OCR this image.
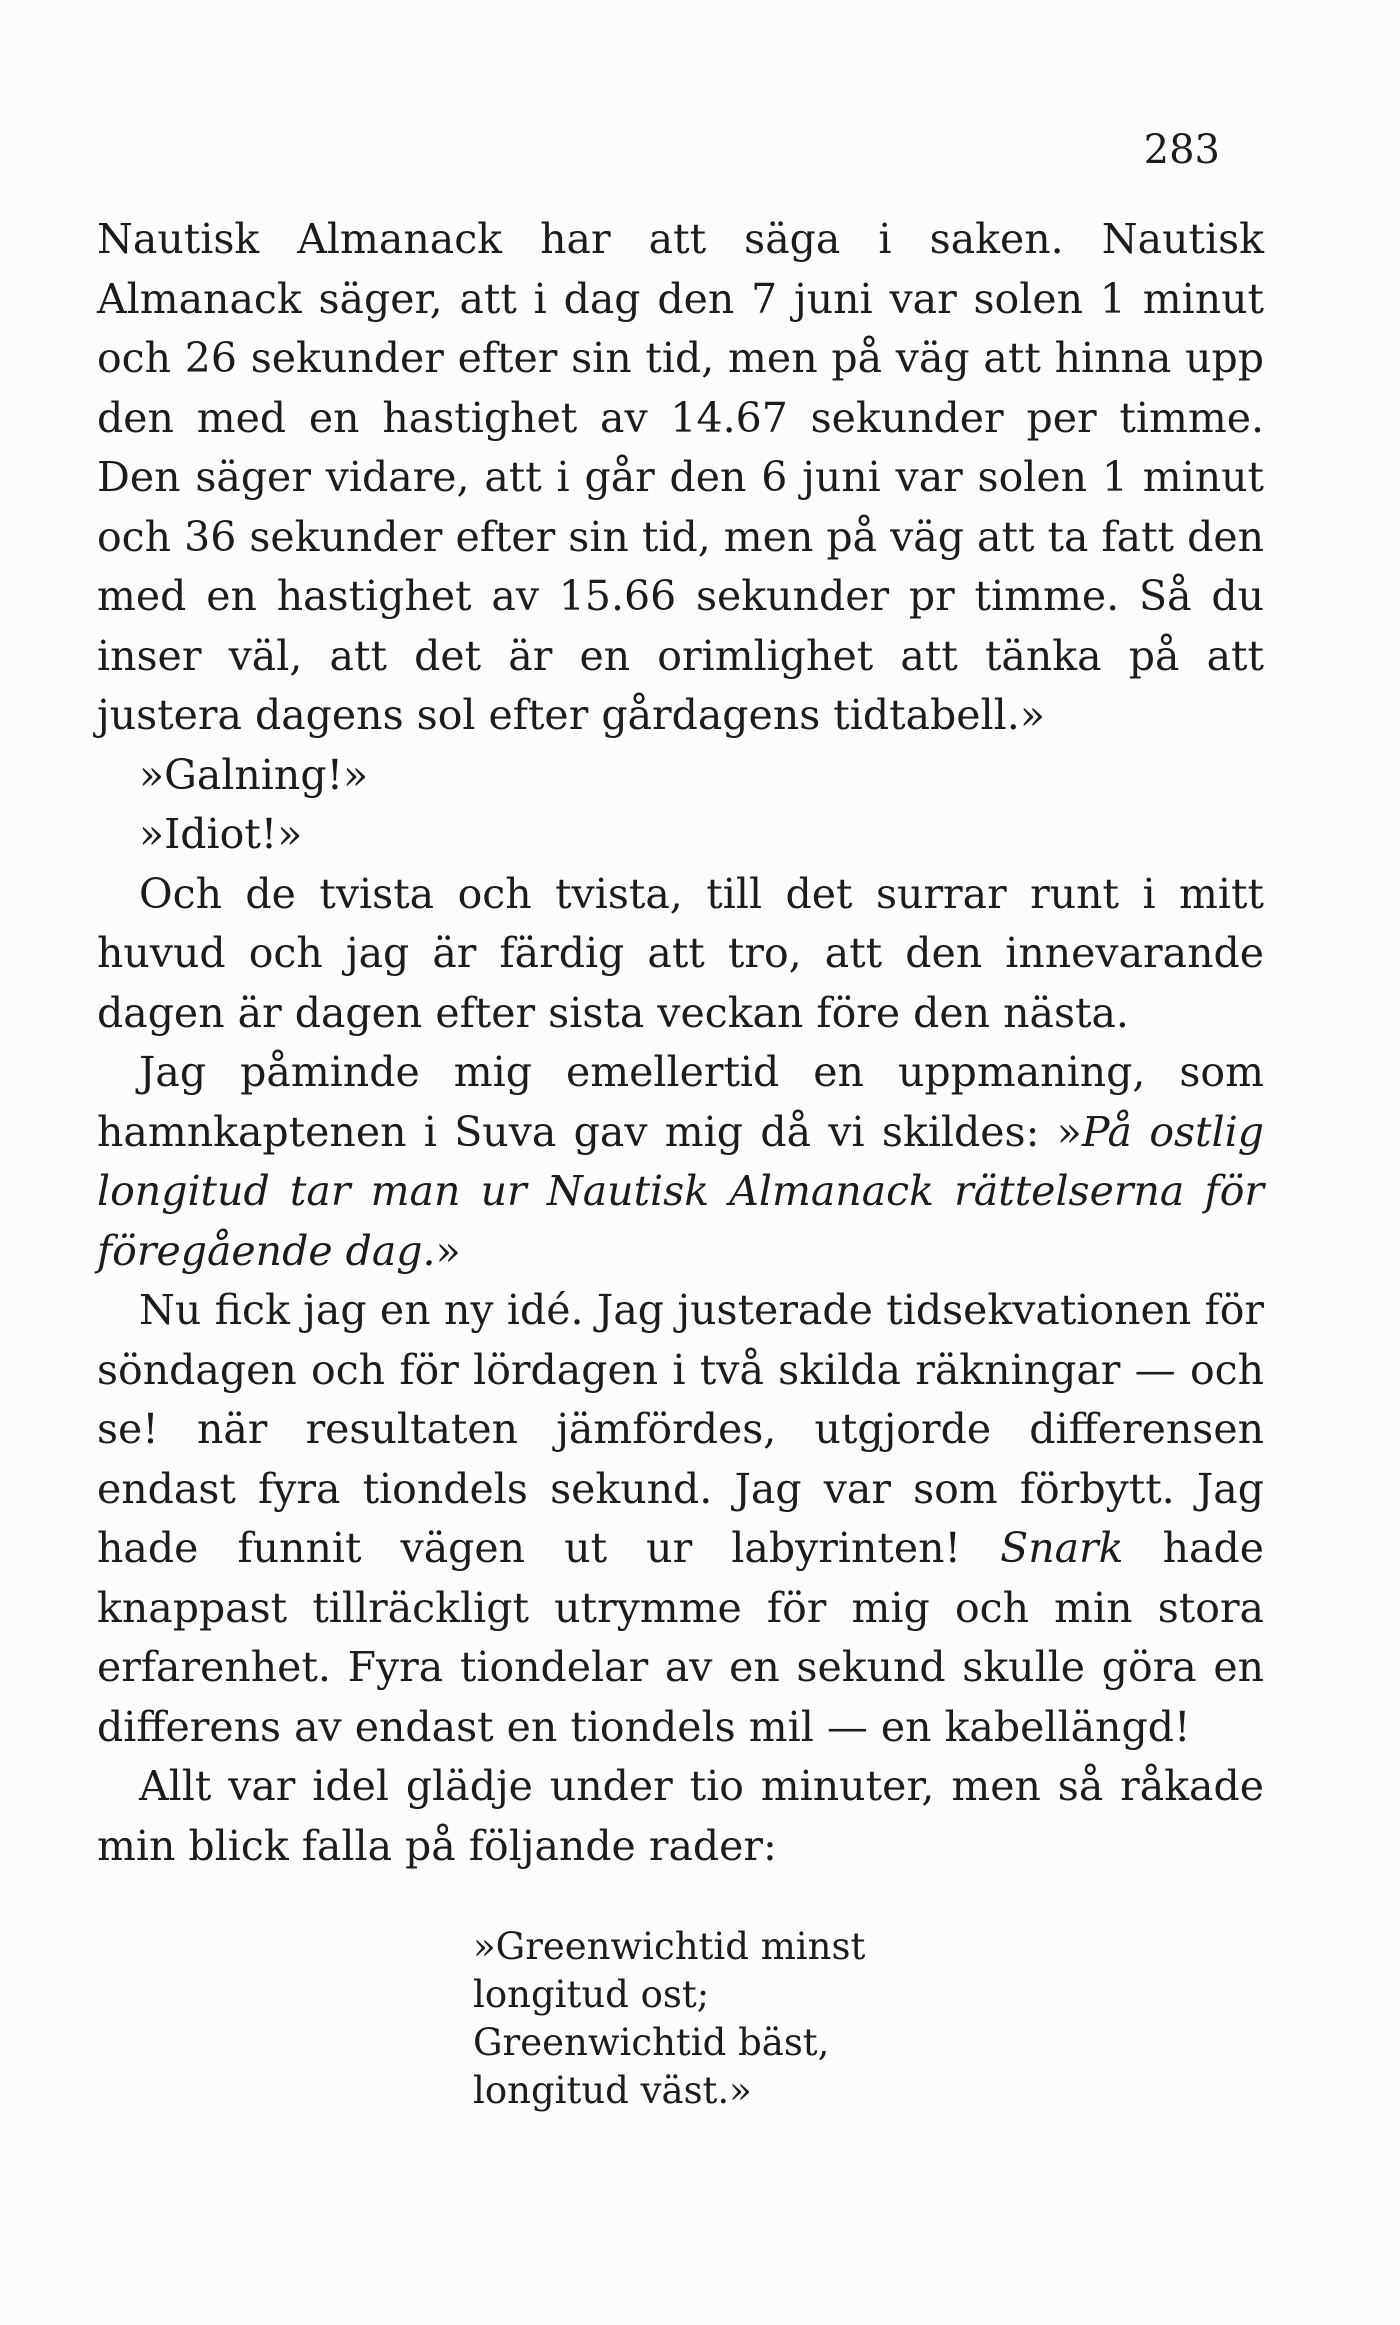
283

Nautisk Almanack har att säga i saken. Nautisk Almanack säger, att i dag den 7 juni var solen 1 minut och 26 sekunder efter sin tid, men på väg att hinna upp den med en hastighet av 14.67 sekunder per timme. Den säger vidare, att i går den 6 juni var solen 1 minut och 36 sekunder efter sin tid, men på väg att ta fatt den med en hastighet av 15.66 sekunder pr timme. Så du inser väl, att det är en orimlighet att tänka på att justera dagens sol efter gårdagens tidtabell.»

»Galning!»

»Idiot!»

Och de tvista och tvista, till det surrar runt i mitt huvud och jag är färdig att tro, att den innevarande dagen är dagen efter sista veckan före den nästa.

Jag påminde mig emellertid en uppmaning, som hamnkaptenen i Suva gav mig då vi skildes: »På ostlig longitud tar man ur Nautisk Almanack rättelserna för föregående dag.»

Nu fick jag en ny idé. Jag justerade tidsekvationen för söndagen och för lördagen i två skilda räkningar — och se! när resultaten jämfördes, utgjorde differensen endast fyra tiondels sekund. Jag var som förbytt. Jag hade funnit vägen ut ur labyrinten! Snark hade knappast tillräckligt utrymme för mig och min stora erfarenhet. Fyra tiondelar av en sekund skulle göra en differens av endast en tiondels mil — en kabellängd!

Allt var idel glädje under tio minuter, men så råkade min blick falla på följande rader:

»Greenwichtid minst
longitud ost;
Greenwichtid bäst,
longitud väst.»
